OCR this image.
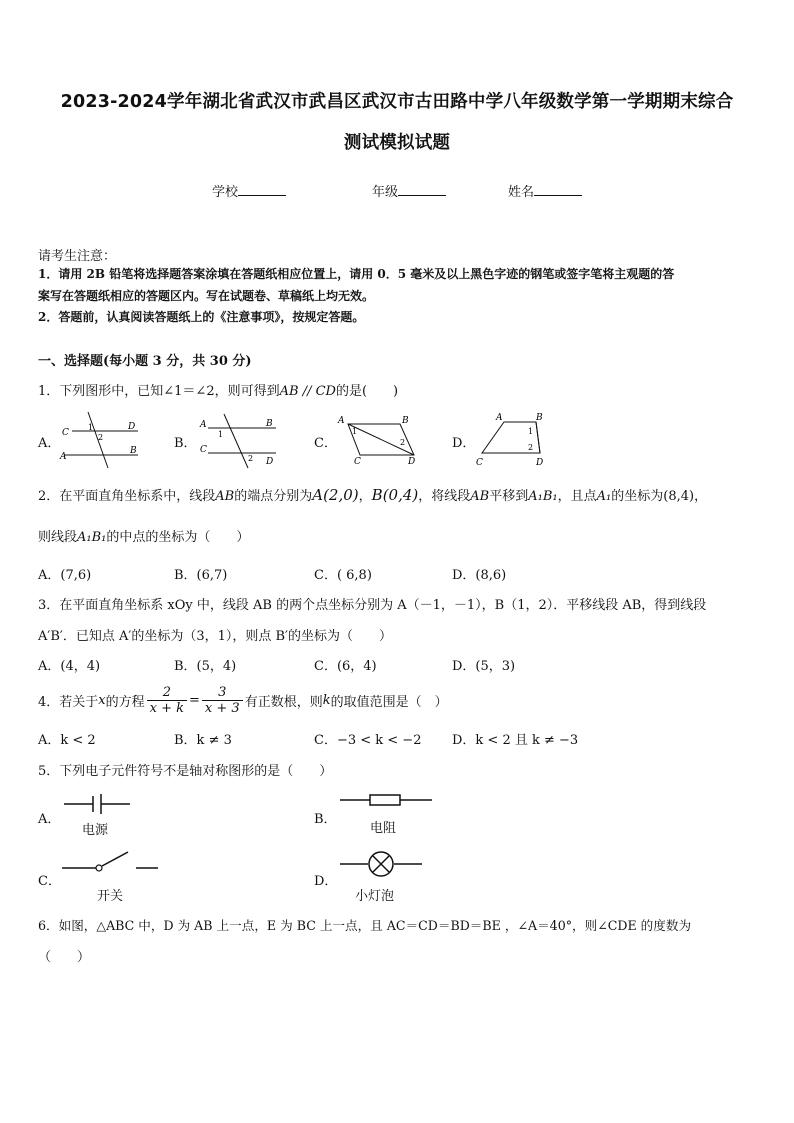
2023-2024学年湖北省武汉市武昌区武汉市古田路中学八年级数学第一学期期末综合
测试模拟试题
学校	年级	姓名
请考生注意：
1．请用 2B 铅笔将选择题答案涂填在答题纸相应位置上，请用 0．5 毫米及以上黑色字迹的钢笔或签字笔将主观题的答
案写在答题纸相应的答题区内。写在试题卷、草稿纸上均无效。
2．答题前，认真阅读答题纸上的《注意事项》，按规定答题。
一、选择题(每小题 3 分，共 30 分)
1．下列图形中，已知∠1＝∠2，则可得到AB // CD的是(　　)
A．
C
D
A
B
1
2	B．
A	B
C
D
1
2
C．
A	B
C	D
1
2	D．
A	B
C	D
1
2
2．在平面直角坐标系中，线段AB的端点分别为A(2,0)，B(0,4)，将线段AB平移到A₁B₁，且点A₁的坐标为(8,4)，
则线段A₁B₁的中点的坐标为（　　）
A．(7,6)	B．(6,7)	C．( 6,8)	D．(8,6)
3．在平面直角坐标系 xOy 中，线段 AB 的两个点坐标分别为 A（－1，－1），B（1，2）．平移线段 AB，得到线段
A′B′．已知点 A′的坐标为（3，1），则点 B′的坐标为（　　）
A．(4，4)	B．(5，4)	C．(6，4)	D．(5，3)
4．若关于 x 的方程 $\frac{2}{x + k} = \frac{3}{x + 3}$ 有正数根，则 k 的取值范围是（　）
A．k < 2	B．k ≠ 3	C．−3 < k < −2 D．k < 2 且 k ≠ −3
5．下列电子元件符号不是轴对称图形的是（　　）
A．
电源
B．
电阻
C．
开关
D．
小灯泡
6．如图，△ABC 中，D 为 AB 上一点，E 为 BC 上一点，且 AC＝CD＝BD＝BE ，∠A＝40°，则∠CDE 的度数为
（　　）
